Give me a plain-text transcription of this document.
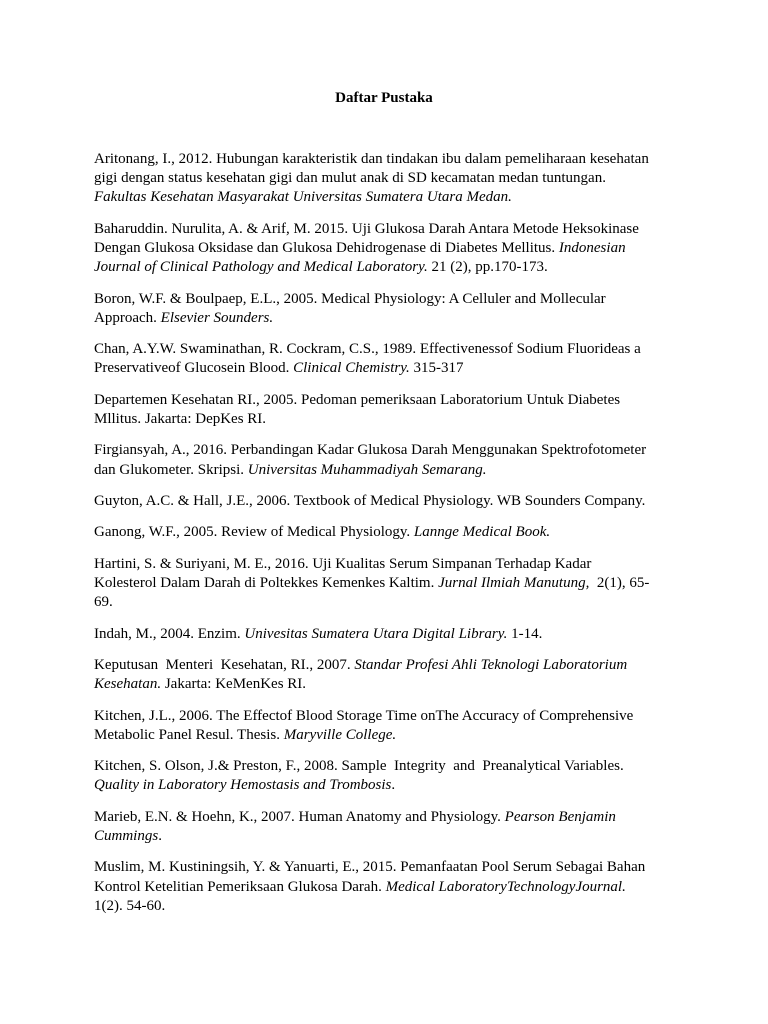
Daftar Pustaka
Aritonang, I., 2012. Hubungan karakteristik dan tindakan ibu dalam pemeliharaan kesehatan
gigi dengan status kesehatan gigi dan mulut anak di SD kecamatan medan tuntungan.
Fakultas Kesehatan Masyarakat Universitas Sumatera Utara Medan.
Baharuddin. Nurulita, A. & Arif, M. 2015. Uji Glukosa Darah Antara Metode Heksokinase
Dengan Glukosa Oksidase dan Glukosa Dehidrogenase di Diabetes Mellitus. Indonesian
Journal of Clinical Pathology and Medical Laboratory. 21 (2), pp.170-173.
Boron, W.F. & Boulpaep, E.L., 2005. Medical Physiology: A Celluler and Mollecular
Approach. Elsevier Sounders.
Chan, A.Y.W. Swaminathan, R. Cockram, C.S., 1989. Effectivenessof Sodium Fluorideas a
Preservativeof Glucosein Blood. Clinical Chemistry. 315-317
Departemen Kesehatan RI., 2005. Pedoman pemeriksaan Laboratorium Untuk Diabetes
Mllitus. Jakarta: DepKes RI.
Firgiansyah, A., 2016. Perbandingan Kadar Glukosa Darah Menggunakan Spektrofotometer
dan Glukometer. Skripsi. Universitas Muhammadiyah Semarang.
Guyton, A.C. & Hall, J.E., 2006. Textbook of Medical Physiology. WB Sounders Company.
Ganong, W.F., 2005. Review of Medical Physiology. Lannge Medical Book.
Hartini, S. & Suriyani, M. E., 2016. Uji Kualitas Serum Simpanan Terhadap Kadar
Kolesterol Dalam Darah di Poltekkes Kemenkes Kaltim. Jurnal Ilmiah Manutung,  2(1), 65-
69.
Indah, M., 2004. Enzim. Univesitas Sumatera Utara Digital Library. 1-14.
Keputusan  Menteri  Kesehatan, RI., 2007. Standar Profesi Ahli Teknologi Laboratorium
Kesehatan. Jakarta: KeMenKes RI.
Kitchen, J.L., 2006. The Effectof Blood Storage Time onThe Accuracy of Comprehensive
Metabolic Panel Resul. Thesis. Maryville College.
Kitchen, S. Olson, J.& Preston, F., 2008. Sample  Integrity  and  Preanalytical Variables.
Quality in Laboratory Hemostasis and Trombosis.
Marieb, E.N. & Hoehn, K., 2007. Human Anatomy and Physiology. Pearson Benjamin
Cummings.
Muslim, M. Kustiningsih, Y. & Yanuarti, E., 2015. Pemanfaatan Pool Serum Sebagai Bahan
Kontrol Ketelitian Pemeriksaan Glukosa Darah. Medical LaboratoryTechnologyJournal.
1(2). 54-60.
